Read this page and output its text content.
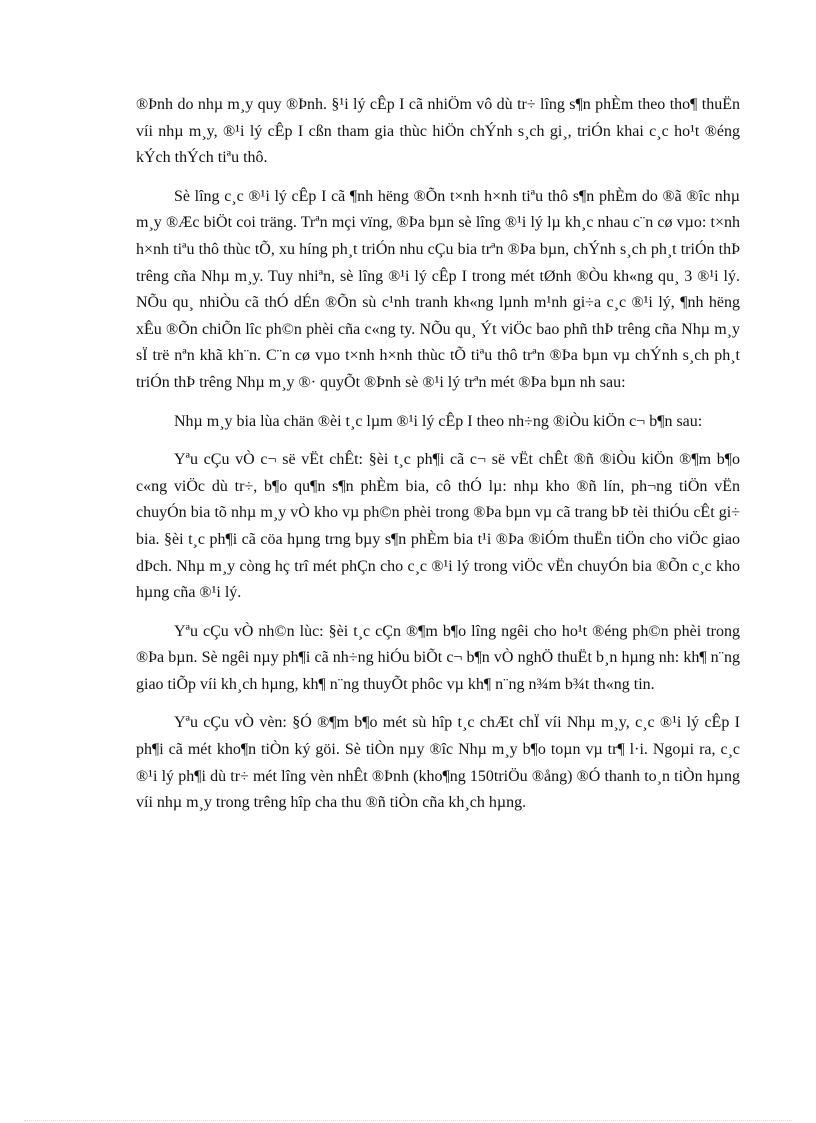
®Þnh do nhµ m¸y quy ®Þnh. §¹i lý cÊp I cã nhiÖm vô dù tr÷ lîng s¶n phÈm theo tho¶ thuËn víi nhµ m¸y, ®¹i lý cÊp I cßn tham gia thùc hiÖn chÝnh s¸ch gi¸, triÓn khai c¸c ho¹t ®éng kÝch thÝch tiªu thô.

Sè lîng c¸c ®¹i lý cÊp I cã ¶nh hëng ®Õn t×nh h×nh tiªu thô s¶n phÈm do ®ã ®îc nhµ m¸y ®Æc biÖt coi träng. Trªn mçi vïng, ®Þa bµn sè lîng ®¹i lý lµ kh¸c nhau c¨n cø vµo: t×nh h×nh tiªu thô thùc tÕ, xu híng ph¸t triÓn nhu cÇu bia trªn ®Þa bµn, chÝnh s¸ch ph¸t triÓn thÞ trêng cña Nhµ m¸y. Tuy nhiªn, sè lîng ®¹i lý cÊp I trong mét tØnh ®Òu kh«ng qu¸ 3 ®¹i lý. NÕu qu¸ nhiÒu cã thÓ dÉn ®Õn sù c¹nh tranh kh«ng lµnh m¹nh gi÷a c¸c ®¹i lý, ¶nh hëng xÊu ®Õn chiÕn lîc ph©n phèi cña c«ng ty. NÕu qu¸ Ýt viÖc bao phñ thÞ trêng cña Nhµ m¸y sÏ trë nªn khã kh¨n. C¨n cø vµo t×nh h×nh thùc tÕ tiªu thô trªn ®Þa bµn vµ chÝnh s¸ch ph¸t triÓn thÞ trêng Nhµ m¸y ®· quyÕt ®Þnh sè ®¹i lý trªn mét ®Þa bµn nh sau:

Nhµ m¸y bia lùa chän ®èi t¸c lµm ®¹i lý cÊp I theo nh÷ng ®iÒu kiÖn c¬ b¶n sau:

Yªu cÇu vÒ c¬ së vËt chÊt: §èi t¸c ph¶i cã c¬ së vËt chÊt ®ñ ®iÒu kiÖn ®¶m b¶o c«ng viÖc dù tr÷, b¶o qu¶n s¶n phÈm bia, cô thÓ lµ: nhµ kho ®ñ lín, ph¬ng tiÖn vËn chuyÓn bia tõ nhµ m¸y vÒ kho vµ ph©n phèi trong ®Þa bµn vµ cã trang bÞ tèi thiÓu cÊt gi÷ bia. §èi t¸c ph¶i cã cöa hµng trng bµy s¶n phÈm bia t¹i ®Þa ®iÓm thuËn tiÖn cho viÖc giao dÞch. Nhµ m¸y còng hç trî mét phÇn cho c¸c ®¹i lý trong viÖc vËn chuyÓn bia ®Õn c¸c kho hµng cña ®¹i lý.

Yªu cÇu vÒ nh©n lùc: §èi t¸c cÇn ®¶m b¶o lîng ngêi cho ho¹t ®éng ph©n phèi trong ®Þa bµn. Sè ngêi nµy ph¶i cã nh÷ng hiÓu biÕt c¬ b¶n vÒ nghÖ thuËt b¸n hµng nh: kh¶ n¨ng giao tiÕp víi kh¸ch hµng, kh¶ n¨ng thuyÕt phôc vµ kh¶ n¨ng n¾m b¾t th«ng tin.

Yªu cÇu vÒ vèn: §Ó ®¶m b¶o mét sù hîp t¸c chÆt chÏ víi Nhµ m¸y, c¸c ®¹i lý cÊp I ph¶i cã mét kho¶n tiÒn ký göi. Sè tiÒn nµy ®îc Nhµ m¸y b¶o toµn vµ tr¶ l·i. Ngoµi ra, c¸c ®¹i lý ph¶i dù tr÷ mét lîng vèn nhÊt ®Þnh (kho¶ng 150triÖu ®ång) ®Ó thanh to¸n tiÒn hµng víi nhµ m¸y trong trêng hîp cha thu ®ñ tiÒn cña kh¸ch hµng.
